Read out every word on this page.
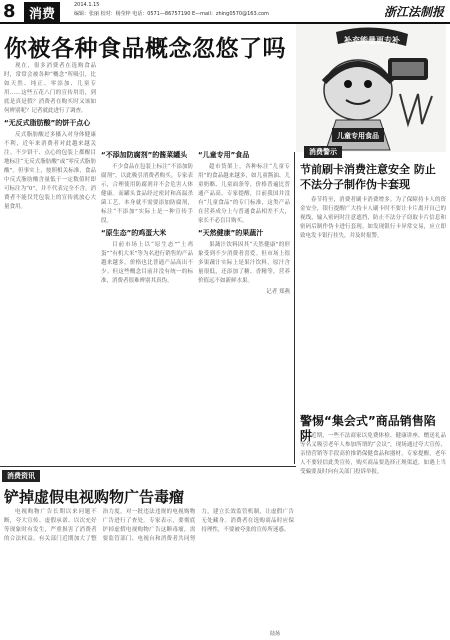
8	消费
2014.1.15
编辑：张丽 校对：杨莹梓 电话：0571—86757190 E—mail：zhing0570@163.com	浙江法制报
你被各种食品概念忽悠了吗	补充能量更专补
儿童专用食品

现在，很多消费者在选购食品时，常常会被各种“概念”所吸引，比如天然、纯正、零添加、儿童专用……这些五花八门的宣传用语，到底是真是假？消费者在购买时又该如何辨别呢？记者就此进行了调查。

“无反式脂肪酸”的饼干点心

反式脂肪酸过多摄入对身体健康不利，近年来消费者对此越来越关注。不少饼干、点心的包装上都醒目地标注“无反式脂肪酸”或“零反式脂肪酸”。但事实上，按照相关标准，食品中反式脂肪酸含量低于一定数值时即可标注为“0”，并不代表完全不含。消费者不能仅凭包装上的宣传就放心大量食用。

“不添加防腐剂”的酱菜罐头

不少食品在包装上标注“不添加防腐剂”，以此吸引消费者购买。专家表示，合理使用防腐剂并不会危害人体健康。而罐头食品经过密封和高温杀菌工艺，本身就不需要添加防腐剂，标注“不添加”实际上是一种宣传手段。

“原生态”的鸡蛋大米

目前市场上以“原生态”“土鸡蛋”“有机大米”等为名进行销售的产品越来越多，价格也比普通产品高出不少。但这些概念目前并没有统一的标准，消费者很难辨别其真伪。

“儿童专用”食品

超市货架上，各种标注“儿童专用”的食品越来越多，如儿童酱油、儿童奶酪、儿童面条等，价格普遍比普通产品高。专家提醒，目前我国并没有“儿童食品”的专门标准，这类产品在营养成分上与普通食品相差不大，家长不必盲目购买。

“天然健康”的果蔬汁

果蔬汁饮料因其“天然健康”的形象受到不少消费者喜爱。但市场上很多果蔬汁实际上是果汁饮料，原汁含量很低，还添加了糖、香精等，营养价值远不如新鲜水果。

记者 郑燕

消费警示
节前刷卡消费注意安全 防止不法分子制作伪卡套现

春节将至，消费者刷卡消费增多。为了保障持卡人的资金安全，银行提醒广大持卡人刷卡时不要让卡片离开自己的视线，输入密码时注意遮挡，防止不法分子窃取卡片信息和密码后制作伪卡进行套现。如发现银行卡异常交易，应立即致电发卡银行挂失，并及时报警。

警惕“集会式”商品销售陷阱

近期，一些不法商家以免费体检、健康讲座、赠送礼品等名义吸引老年人参加所谓的“会议”，现场通过夸大宣传、亲情营销等手段高价推销保健食品和器材。专家提醒，老年人不要轻信此类宣传，购买商品要选择正规渠道，如遇上当受骗要及时向有关部门投诉举报。

消费资讯
铲掉虚假电视购物广告毒瘤

电视购物广告长期以来问题不断，夸大宣传、虚假承诺、以次充好等现象时有发生，严重损害了消费者的合法权益。有关部门近期加大了整治力度，对一批违法违规的电视购物广告进行了查处。专家表示，要彻底铲掉虚假电视购物广告这颗毒瘤，需要监管部门、电视台和消费者共同努力，建立长效监管机制，让虚假广告无处藏身。消费者在选购商品时应保持理性，不要被夸张的宣传所迷惑。

陆扬
